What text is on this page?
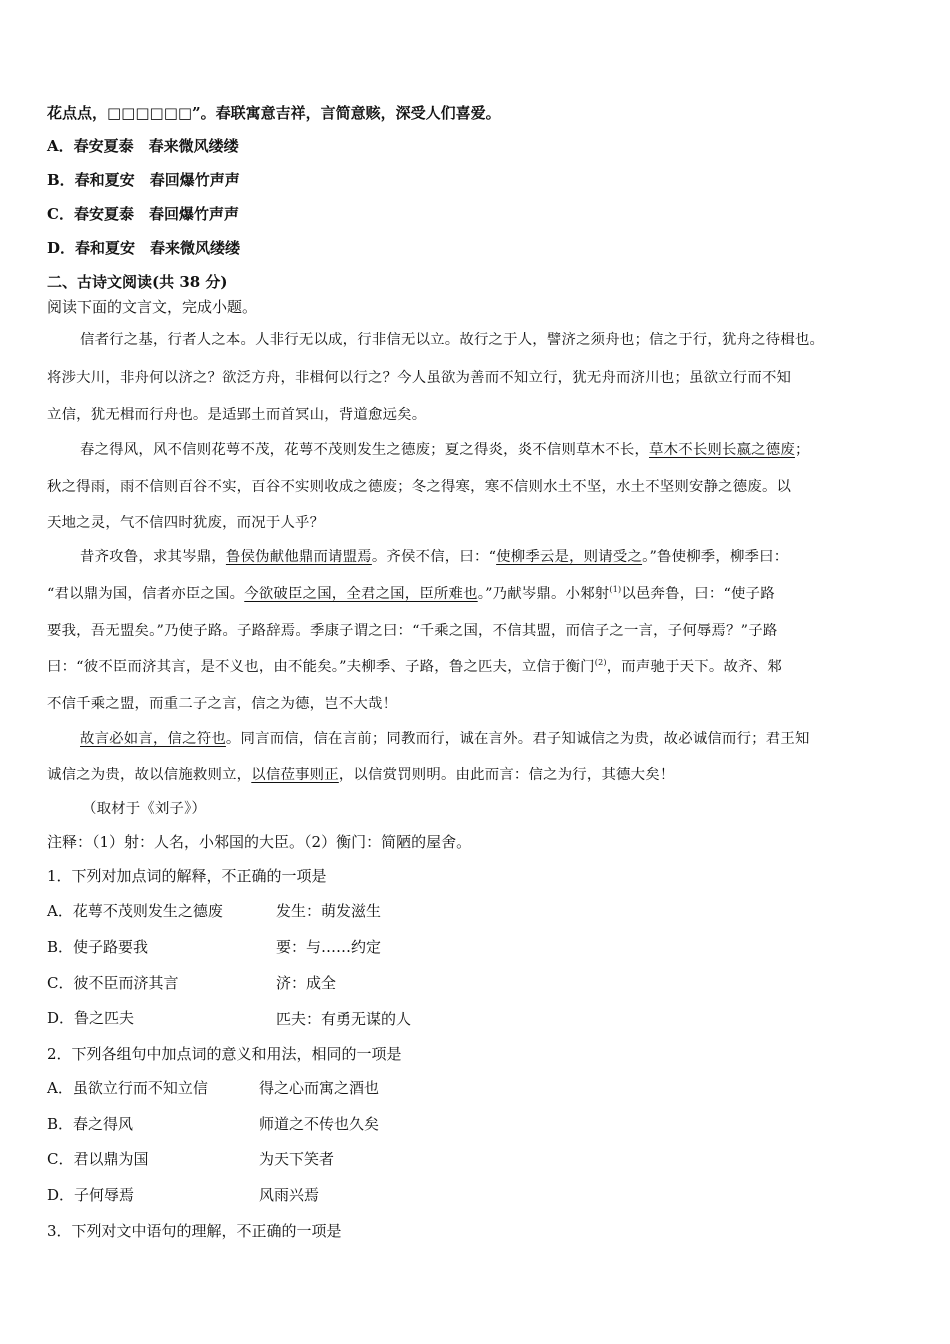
花点点，□□□□□□”。春联寓意吉祥，言简意赅，深受人们喜爱。
A．春安夏泰　 春来微风缕缕
B．春和夏安　 春回爆竹声声
C．春安夏泰　 春回爆竹声声
D．春和夏安　 春来微风缕缕
二、古诗文阅读(共 38 分)
阅读下面的文言文，完成小题。
信者行之基，行者人之本。人非行无以成，行非信无以立。故行之于人，譬济之须舟也；信之于行，犹舟之待楫也。
将涉大川，非舟何以济之？欲泛方舟，非楫何以行之？今人虽欲为善而不知立行，犹无舟而济川也；虽欲立行而不知
立信，犹无楫而行舟也。是适郢土而首冥山，背道愈远矣。
春之得风，风不信则花萼不茂，花萼不茂则发生之德废；夏之得炎，炎不信则草木不长，草木不长则长嬴之德废；
秋之得雨，雨不信则百谷不实，百谷不实则收成之德废；冬之得寒，寒不信则水土不坚，水土不坚则安静之德废。以
天地之灵，气不信四时犹废，而况于人乎？
昔齐攻鲁，求其岑鼎，鲁侯伪献他鼎而请盟焉。齐侯不信，曰：“使柳季云是，则请受之。”鲁使柳季，柳季曰：
“君以鼎为国，信者亦臣之国。今欲破臣之国，全君之国，臣所难也。”乃献岑鼎。小邾射$^{(1)}$以邑奔鲁，曰：“使子路
要我，吾无盟矣。”乃使子路。子路辞焉。季康子谓之曰：“千乘之国，不信其盟，而信子之一言，子何辱焉？”子路
曰：“彼不臣而济其言，是不义也，由不能矣。”夫柳季、子路，鲁之匹夫，立信于衡门$^{(2)}$，而声驰于天下。故齐、邾
不信千乘之盟，而重二子之言，信之为德，岂不大哉！
故言必如言，信之符也。同言而信，信在言前；同教而行，诚在言外。君子知诚信之为贵，故必诚信而行；君王知
诚信之为贵，故以信施救则立，以信莅事则正，以信赏罚则明。由此而言：信之为行，其德大矣！
（取材于《刘子》）
注释：（1）射：人名，小邾国的大臣。（2）衡门：简陋的屋舍。
1．下列对加点词的解释，不正确的一项是
A．花萼不茂则发生之德废	发生：萌发滋生
B．使子路要我	要：与……约定
C．彼不臣而济其言	济：成全
D．鲁之匹夫	匹夫：有勇无谋的人
2．下列各组句中加点词的意义和用法，相同的一项是
A．虽欲立行而不知立信	得之心而寓之酒也
B．春之得风	师道之不传也久矣
C．君以鼎为国	为天下笑者
D．子何辱焉	风雨兴焉
3．下列对文中语句的理解，不正确的一项是
